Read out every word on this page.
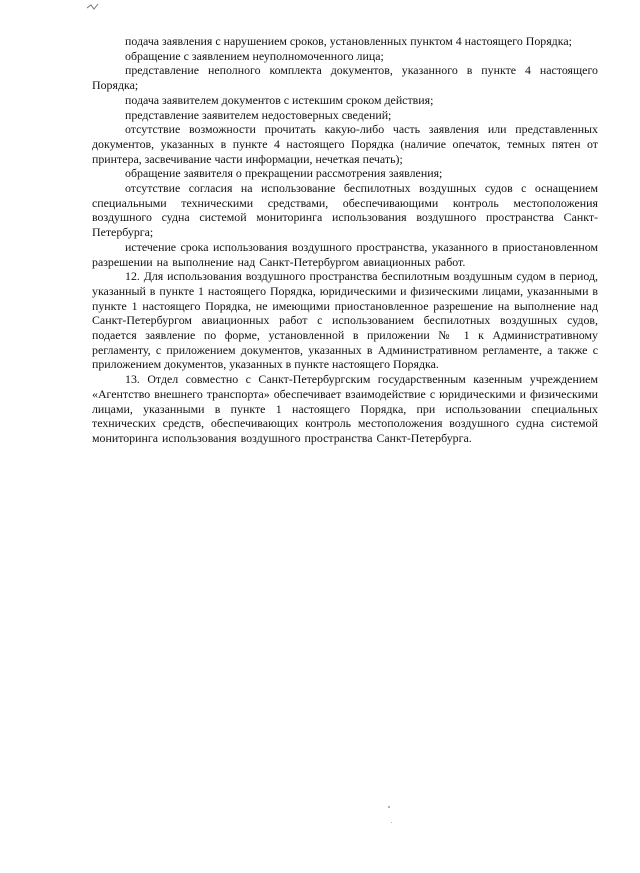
подача заявления с нарушением сроков, установленных пунктом 4 настоящего Порядка;

обращение с заявлением неуполномоченного лица;

представление неполного комплекта документов, указанного в пункте 4 настоящего Порядка;

подача заявителем документов с истекшим сроком действия;

представление заявителем недостоверных сведений;

отсутствие возможности прочитать какую-либо часть заявления или представленных документов, указанных в пункте 4 настоящего Порядка (наличие опечаток, темных пятен от принтера, засвечивание части информации, нечеткая печать);

обращение заявителя о прекращении рассмотрения заявления;

отсутствие согласия на использование беспилотных воздушных судов с оснащением специальными техническими средствами, обеспечивающими контроль местоположения воздушного судна системой мониторинга использования воздушного пространства Санкт-Петербурга;

истечение срока использования воздушного пространства, указанного в приостановленном разрешении на выполнение над Санкт-Петербургом авиационных работ.

12. Для использования воздушного пространства беспилотным воздушным судом в период, указанный в пункте 1 настоящего Порядка, юридическими и физическими лицами, указанными в пункте 1 настоящего Порядка, не имеющими приостановленное разрешение на выполнение над Санкт-Петербургом авиационных работ с использованием беспилотных воздушных судов, подается заявление по форме, установленной в приложении № 1 к Административному регламенту, с приложением документов, указанных в Административном регламенте, а также с приложением документов, указанных в пункте настоящего Порядка.

13. Отдел совместно с Санкт-Петербургским государственным казенным учреждением «Агентство внешнего транспорта» обеспечивает взаимодействие с юридическими и физическими лицами, указанными в пункте 1 настоящего Порядка, при использовании специальных технических средств, обеспечивающих контроль местоположения воздушного судна системой мониторинга использования воздушного пространства Санкт-Петербурга.
